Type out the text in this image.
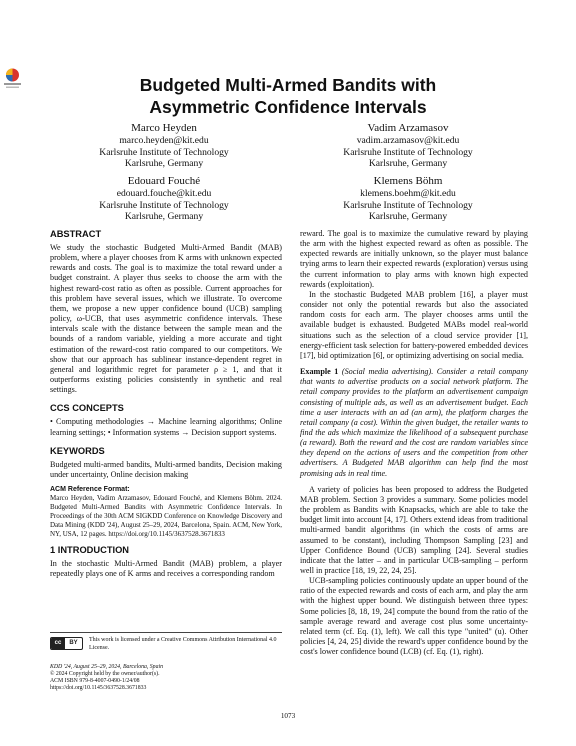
Budgeted Multi-Armed Bandits with
Asymmetric Confidence Intervals
Marco Heyden
marco.heyden@kit.edu
Karlsruhe Institute of Technology
Karlsruhe, Germany
Vadim Arzamasov
vadim.arzamasov@kit.edu
Karlsruhe Institute of Technology
Karlsruhe, Germany
Edouard Fouché
edouard.fouche@kit.edu
Karlsruhe Institute of Technology
Karlsruhe, Germany
Klemens Böhm
klemens.boehm@kit.edu
Karlsruhe Institute of Technology
Karlsruhe, Germany
ABSTRACT

We study the stochastic Budgeted Multi-Armed Bandit (MAB) problem, where a player chooses from K arms with unknown expected rewards and costs. The goal is to maximize the total reward under a budget constraint. A player thus seeks to choose the arm with the highest reward-cost ratio as often as possible. Current approaches for this problem have several issues, which we illustrate. To overcome them, we propose a new upper confidence bound (UCB) sampling policy, ω-UCB, that uses asymmetric confidence intervals. These intervals scale with the distance between the sample mean and the bounds of a random variable, yielding a more accurate and tight estimation of the reward-cost ratio compared to our competitors. We show that our approach has sublinear instance-dependent regret in general and logarithmic regret for parameter ρ ≥ 1, and that it outperforms existing policies consistently in synthetic and real settings.

CCS CONCEPTS

• Computing methodologies → Machine learning algorithms; Online learning settings; • Information systems → Decision support systems.

KEYWORDS

Budgeted multi-armed bandits, Multi-armed bandits, Decision making under uncertainty, Online decision making

ACM Reference Format:

Marco Heyden, Vadim Arzamasov, Edouard Fouché, and Klemens Böhm. 2024. Budgeted Multi-Armed Bandits with Asymmetric Confidence Intervals. In Proceedings of the 30th ACM SIGKDD Conference on Knowledge Discovery and Data Mining (KDD '24), August 25–29, 2024, Barcelona, Spain. ACM, New York, NY, USA, 12 pages. https://doi.org/10.1145/3637528.3671833

1 INTRODUCTION

In the stochastic Multi-Armed Bandit (MAB) problem, a player repeatedly plays one of K arms and receives a corresponding random

reward. The goal is to maximize the cumulative reward by playing the arm with the highest expected reward as often as possible. The expected rewards are initially unknown, so the player must balance trying arms to learn their expected rewards (exploration) versus using the current information to play arms with known high expected rewards (exploitation).

In the stochastic Budgeted MAB problem [16], a player must consider not only the potential rewards but also the associated random costs for each arm. The player chooses arms until the available budget is exhausted. Budgeted MABs model real-world situations such as the selection of a cloud service provider [1], energy-efficient task selection for battery-powered embedded devices [17], bid optimization [6], or optimizing advertising on social media.

Example 1 (Social media advertising). Consider a retail company that wants to advertise products on a social network platform. The retail company provides to the platform an advertisement campaign consisting of multiple ads, as well as an advertisement budget. Each time a user interacts with an ad (an arm), the platform charges the retail company (a cost). Within the given budget, the retailer wants to find the ads which maximize the likelihood of a subsequent purchase (a reward). Both the reward and the cost are random variables since they depend on the actions of users and the competition from other advertisers. A Budgeted MAB algorithm can help find the most promising ads in real time.

A variety of policies has been proposed to address the Budgeted MAB problem. Section 3 provides a summary. Some policies model the problem as Bandits with Knapsacks, which are able to take the budget limit into account [4, 17]. Others extend ideas from traditional multi-armed bandit algorithms (in which the costs of arms are assumed to be constant), including Thompson Sampling [23] and Upper Confidence Bound (UCB) sampling [24]. Several studies indicate that the latter – and in particular UCB-sampling – perform well in practice [18, 19, 22, 24, 25].

UCB-sampling policies continuously update an upper bound of the ratio of the expected rewards and costs of each arm, and play the arm with the highest upper bound. We distinguish between three types: Some policies [8, 18, 19, 24] compute the bound from the ratio of the sample average reward and average cost plus some uncertainty-related term (cf. Eq. (1), left). We call this type "united" (u). Other policies [4, 24, 25] divide the reward's upper confidence bound by the cost's lower confidence bound (LCB) (cf. Eq. (1), right).

cc	BY	This work is licensed under a Creative Commons Attribution International 4.0 License.
KDD '24, August 25–29, 2024, Barcelona, Spain
© 2024 Copyright held by the owner/author(s).
ACM ISBN 979-8-4007-0490-1/24/08
https://doi.org/10.1145/3637528.3671833
1073
